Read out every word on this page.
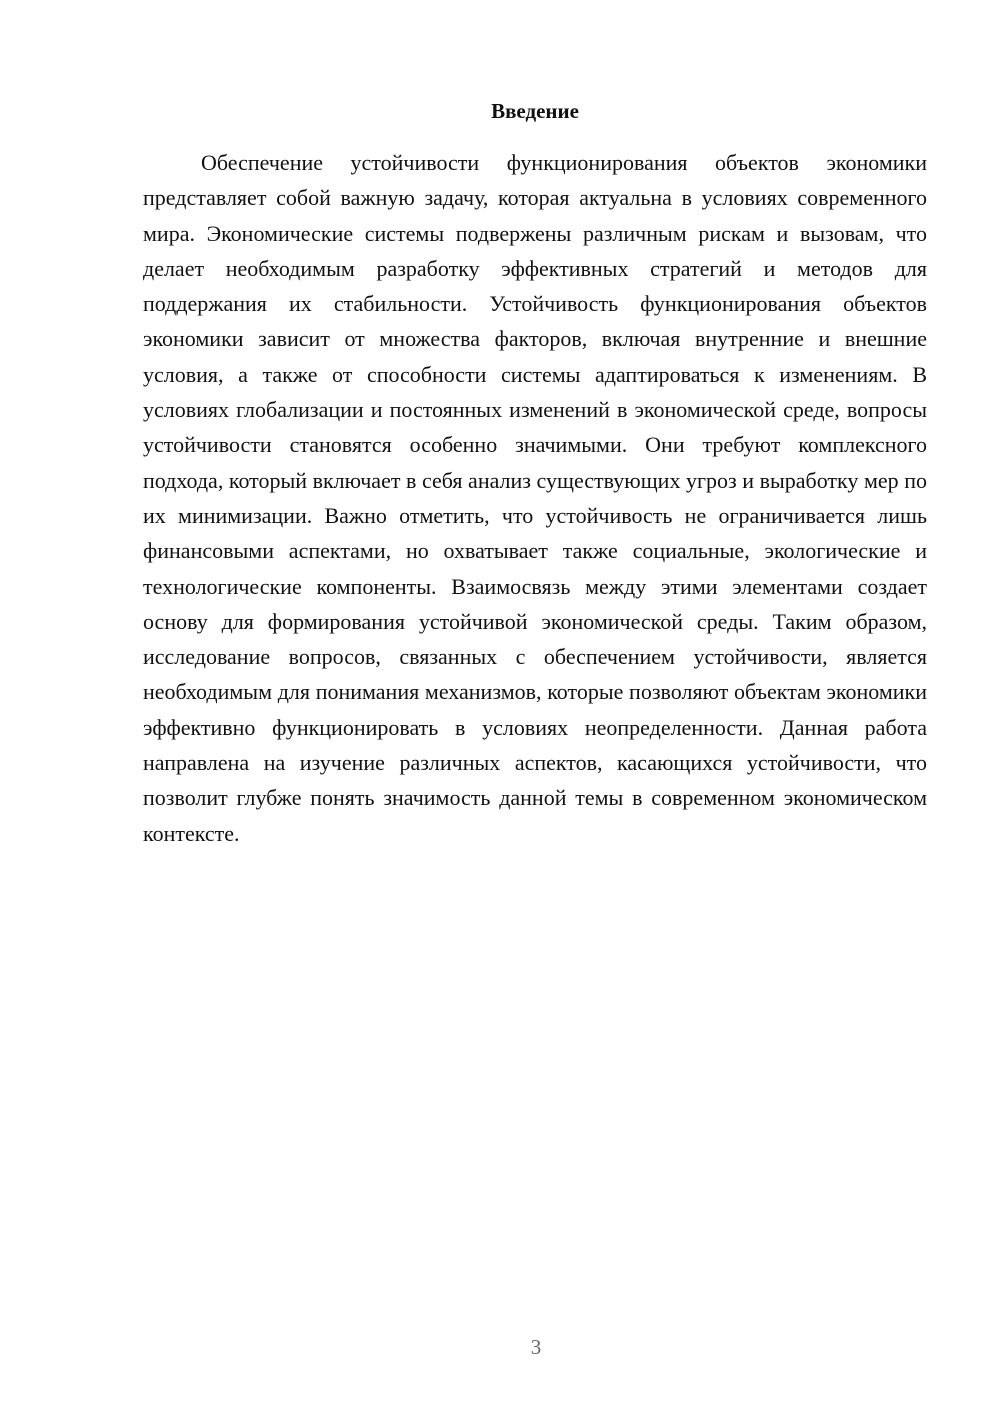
Введение

Обеспечение устойчивости функционирования объектов экономики представляет собой важную задачу, которая актуальна в условиях современного мира. Экономические системы подвержены различным рискам и вызовам, что делает необходимым разработку эффективных стратегий и методов для поддержания их стабильности. Устойчивость функционирования объектов экономики зависит от множества факторов, включая внутренние и внешние условия, а также от способности системы адаптироваться к изменениям. В условиях глобализации и постоянных изменений в экономической среде, вопросы устойчивости становятся особенно значимыми. Они требуют комплексного подхода, который включает в себя анализ существующих угроз и выработку мер по их минимизации. Важно отметить, что устойчивость не ограничивается лишь финансовыми аспектами, но охватывает также социальные, экологические и технологические компоненты. Взаимосвязь между этими элементами создает основу для формирования устойчивой экономической среды. Таким образом, исследование вопросов, связанных с обеспечением устойчивости, является необходимым для понимания механизмов, которые позволяют объектам экономики эффективно функционировать в условиях неопределенности. Данная работа направлена на изучение различных аспектов, касающихся устойчивости, что позволит глубже понять значимость данной темы в современном экономическом контексте.

3
